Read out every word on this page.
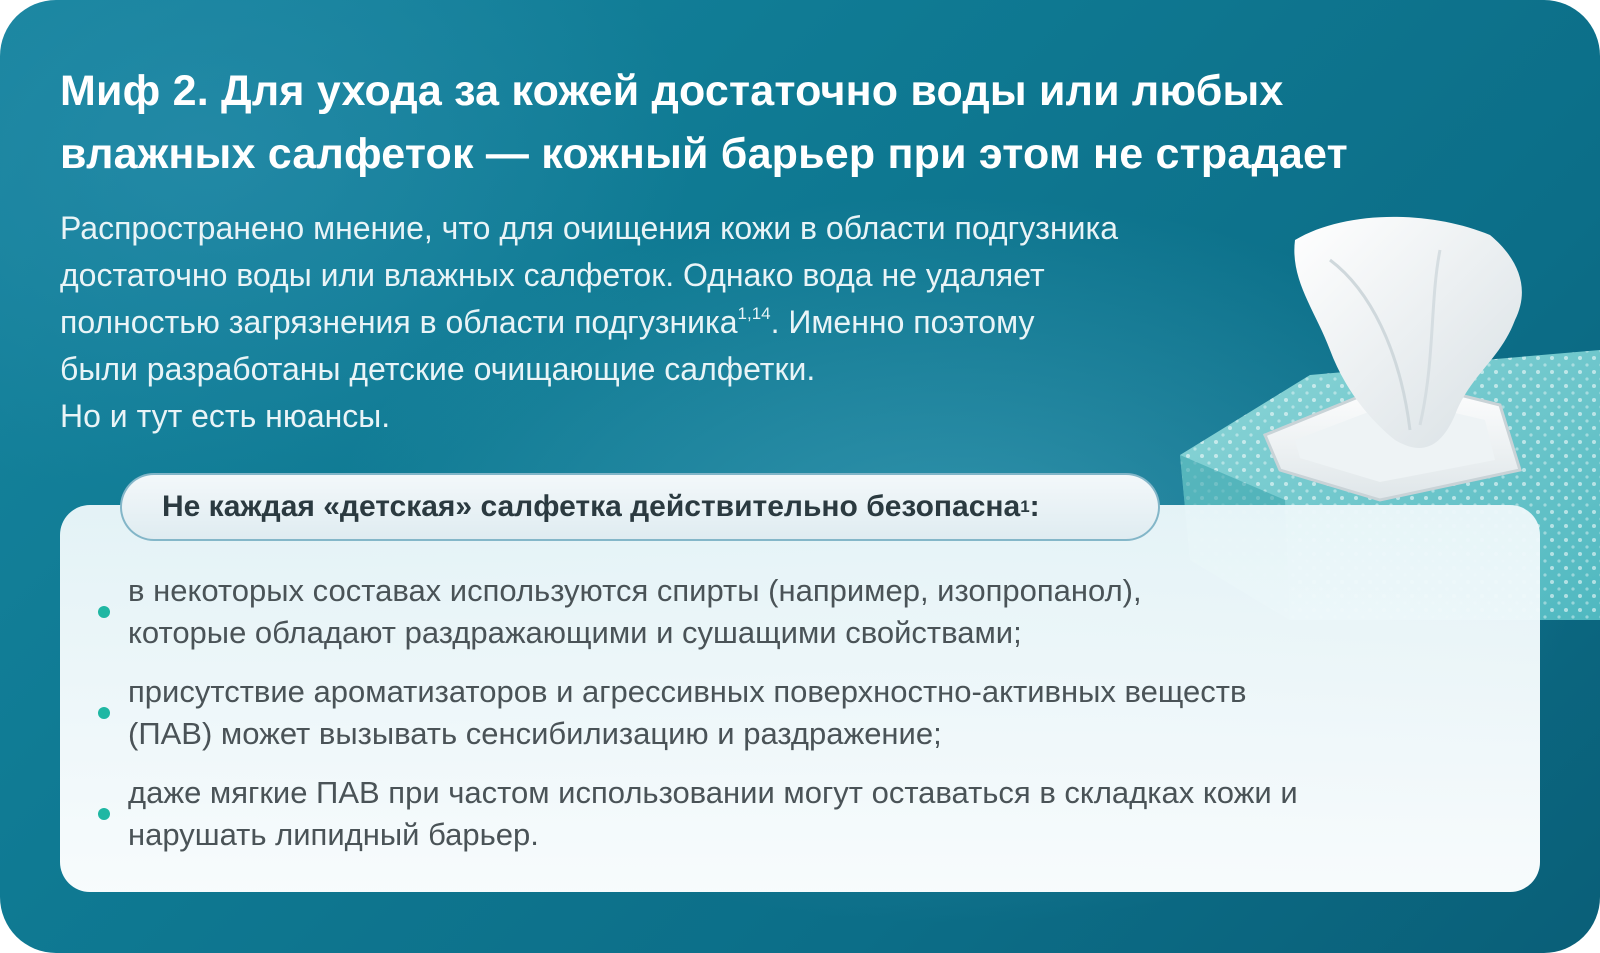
Миф 2. Для ухода за кожей достаточно воды или любых
влажных салфеток — кожный барьер при этом не страдает

Распространено мнение, что для очищения кожи в области подгузника

достаточно воды или влажных салфеток. Однако вода не удаляет

полностью загрязнения в области подгузника$^{1,14}$. Именно поэтому

были разработаны детские очищающие салфетки.

Но и тут есть нюансы.

Не каждая «детская» салфетка действительно безопасна 1 :
в некоторых составах используются спирты (например, изопропанол),
которые обладают раздражающими и сушащими свойствами;
присутствие ароматизаторов и агрессивных поверхностно-активных веществ
(ПАВ) может вызывать сенсибилизацию и раздражение;
даже мягкие ПАВ при частом использовании могут оставаться в складках кожи и
нарушать липидный барьер.
